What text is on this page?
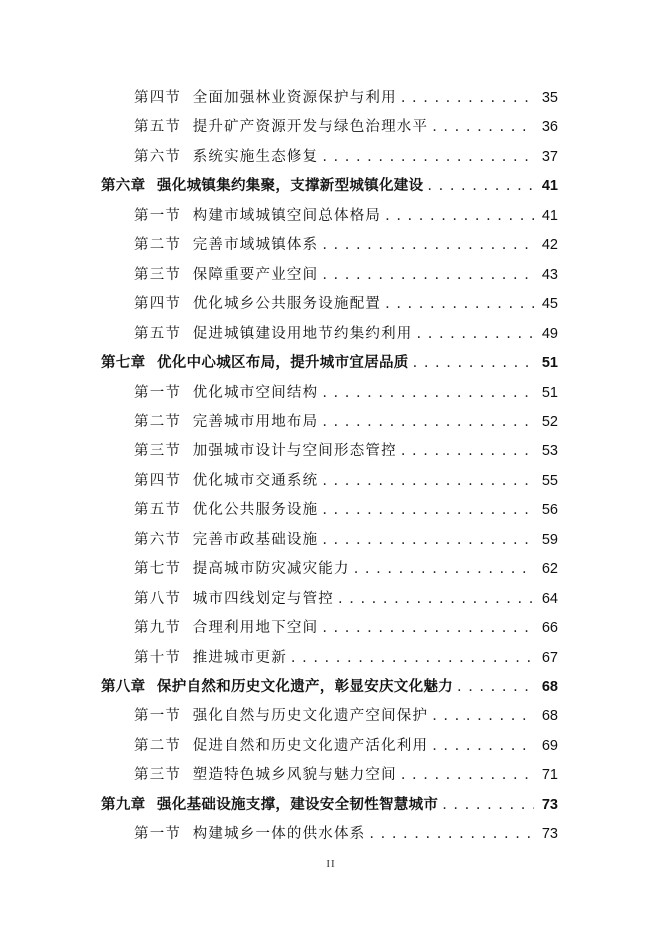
第四节 全面加强林业资源保护与利用 . . .	35
第五节 提升矿产资源开发与绿色治理水平 . . .	36
第六节 系统实施生态修复 . . .	37
第六章 强化城镇集约集聚，支撑新型城镇化建设 . . .	41
第一节 构建市域城镇空间总体格局 . . .	41
第二节 完善市域城镇体系 . . .	42
第三节 保障重要产业空间 . . .	43
第四节 优化城乡公共服务设施配置 . . .	45
第五节 促进城镇建设用地节约集约利用 . . .	49
第七章 优化中心城区布局，提升城市宜居品质 . . .	51
第一节 优化城市空间结构 . . .	51
第二节 完善城市用地布局 . . .	52
第三节 加强城市设计与空间形态管控 . . .	53
第四节 优化城市交通系统 . . .	55
第五节 优化公共服务设施 . . .	56
第六节 完善市政基础设施 . . .	59
第七节 提高城市防灾减灾能力 . . .	62
第八节 城市四线划定与管控 . . .	64
第九节 合理利用地下空间 . . .	66
第十节 推进城市更新 . . .	67
第八章 保护自然和历史文化遗产，彰显安庆文化魅力 . . .	68
第一节 强化自然与历史文化遗产空间保护 . . .	68
第二节 促进自然和历史文化遗产活化利用 . . .	69
第三节 塑造特色城乡风貌与魅力空间 . . .	71
第九章 强化基础设施支撑，建设安全韧性智慧城市 . . .	73
第一节 构建城乡一体的供水体系 . . .	73
II
